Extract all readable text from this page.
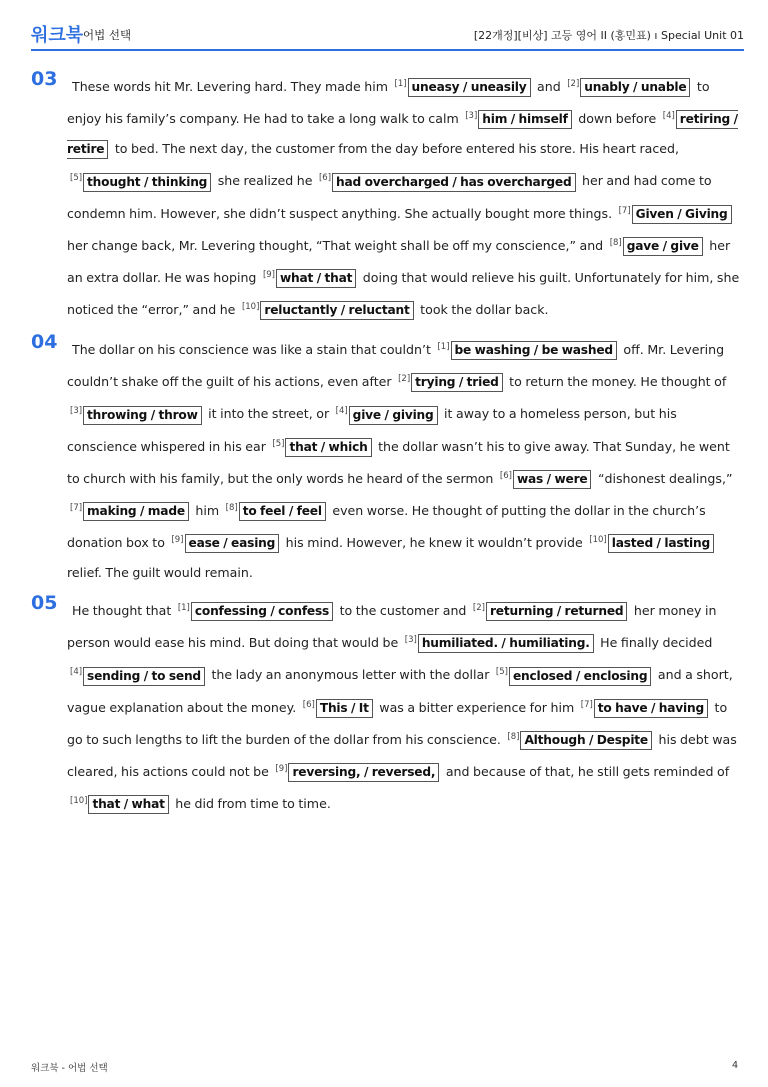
워크북 어법 선택	[22개정][비상] 고등 영어 II (홍민표) ı Special Unit 01
03	These words hit Mr. Levering hard. They made him [1] uneasy / uneasily and [2] unably / unable to enjoy his family’s company. He had to take a long walk to calm [3] him / himself down before [4] retiring / retire to bed. The next day, the customer from the day before entered his store. His heart raced, [5] thought / thinking she realized he [6] had overcharged / has overcharged her and had come to condemn him. However, she didn’t suspect anything. She actually bought more things. [7] Given / Giving her change back, Mr. Levering thought, “That weight shall be off my conscience,” and [8] gave / give her an extra dollar. He was hoping [9] what / that doing that would relieve his guilt. Unfortunately for him, she noticed the “error,” and he [10] reluctantly / reluctant took the dollar back.
04	The dollar on his conscience was like a stain that couldn’t [1] be washing / be washed off. Mr. Levering couldn’t shake off the guilt of his actions, even after [2] trying / tried to return the money. He thought of [3] throwing / throw it into the street, or [4] give / giving it away to a homeless person, but his conscience whispered in his ear [5] that / which the dollar wasn’t his to give away. That Sunday, he went to church with his family, but the only words he heard of the sermon [6] was / were “dishonest dealings,” [7] making / made him [8] to feel / feel even worse. He thought of putting the dollar in the church’s donation box to [9] ease / easing his mind. However, he knew it wouldn’t provide [10] lasted / lasting relief. The guilt would remain.
05	He thought that [1] confessing / confess to the customer and [2] returning / returned her money in person would ease his mind. But doing that would be [3] humiliated. / humiliating. He finally decided [4] sending / to send the lady an anonymous letter with the dollar [5] enclosed / enclosing and a short, vague explanation about the money. [6] This / It was a bitter experience for him [7] to have / having to go to such lengths to lift the burden of the dollar from his conscience. [8] Although / Despite his debt was cleared, his actions could not be [9] reversing, / reversed, and because of that, he still gets reminded of [10] that / what he did from time to time.
워크북 - 어법 선택	4
